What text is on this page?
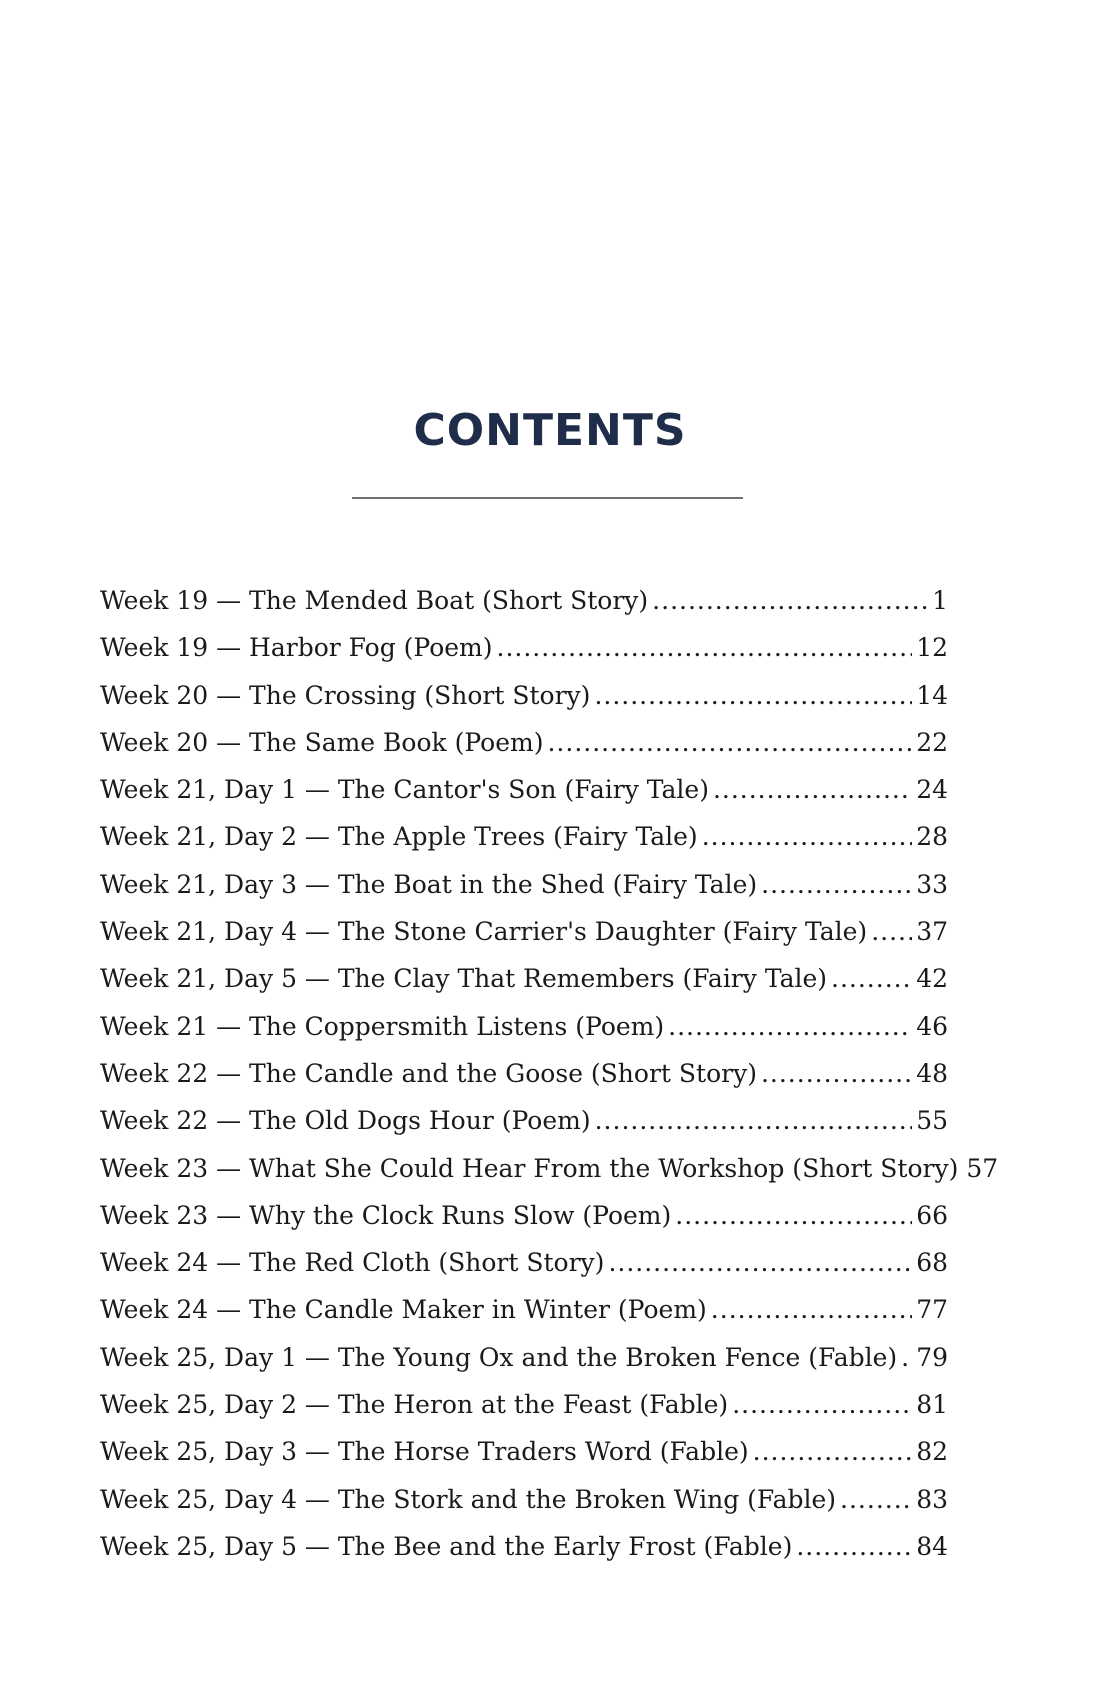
CONTENTS
Week 19 — The Mended Boat (Short Story) .....	1
Week 19 — Harbor Fog (Poem) .....	12
Week 20 — The Crossing (Short Story) .....	14
Week 20 — The Same Book (Poem) .....	22
Week 21, Day 1 — The Cantor's Son (Fairy Tale) .....	24
Week 21, Day 2 — The Apple Trees (Fairy Tale) .....	28
Week 21, Day 3 — The Boat in the Shed (Fairy Tale) .....	33
Week 21, Day 4 — The Stone Carrier's Daughter (Fairy Tale) ..... 37
Week 21, Day 5 — The Clay That Remembers (Fairy Tale) .....	42
Week 21 — The Coppersmith Listens (Poem) .....	46
Week 22 — The Candle and the Goose (Short Story) .....	48
Week 22 — The Old Dogs Hour (Poem) .....	55
Week 23 — What She Could Hear From the Workshop (Short Story) 57
Week 23 — Why the Clock Runs Slow (Poem) .....	66
Week 24 — The Red Cloth (Short Story) .....	68
Week 24 — The Candle Maker in Winter (Poem) .....	77
Week 25, Day 1 — The Young Ox and the Broken Fence (Fable) ..... 79
Week 25, Day 2 — The Heron at the Feast (Fable) .....	81
Week 25, Day 3 — The Horse Traders Word (Fable) .....	82
Week 25, Day 4 — The Stork and the Broken Wing (Fable) .....	83
Week 25, Day 5 — The Bee and the Early Frost (Fable) .....	84
